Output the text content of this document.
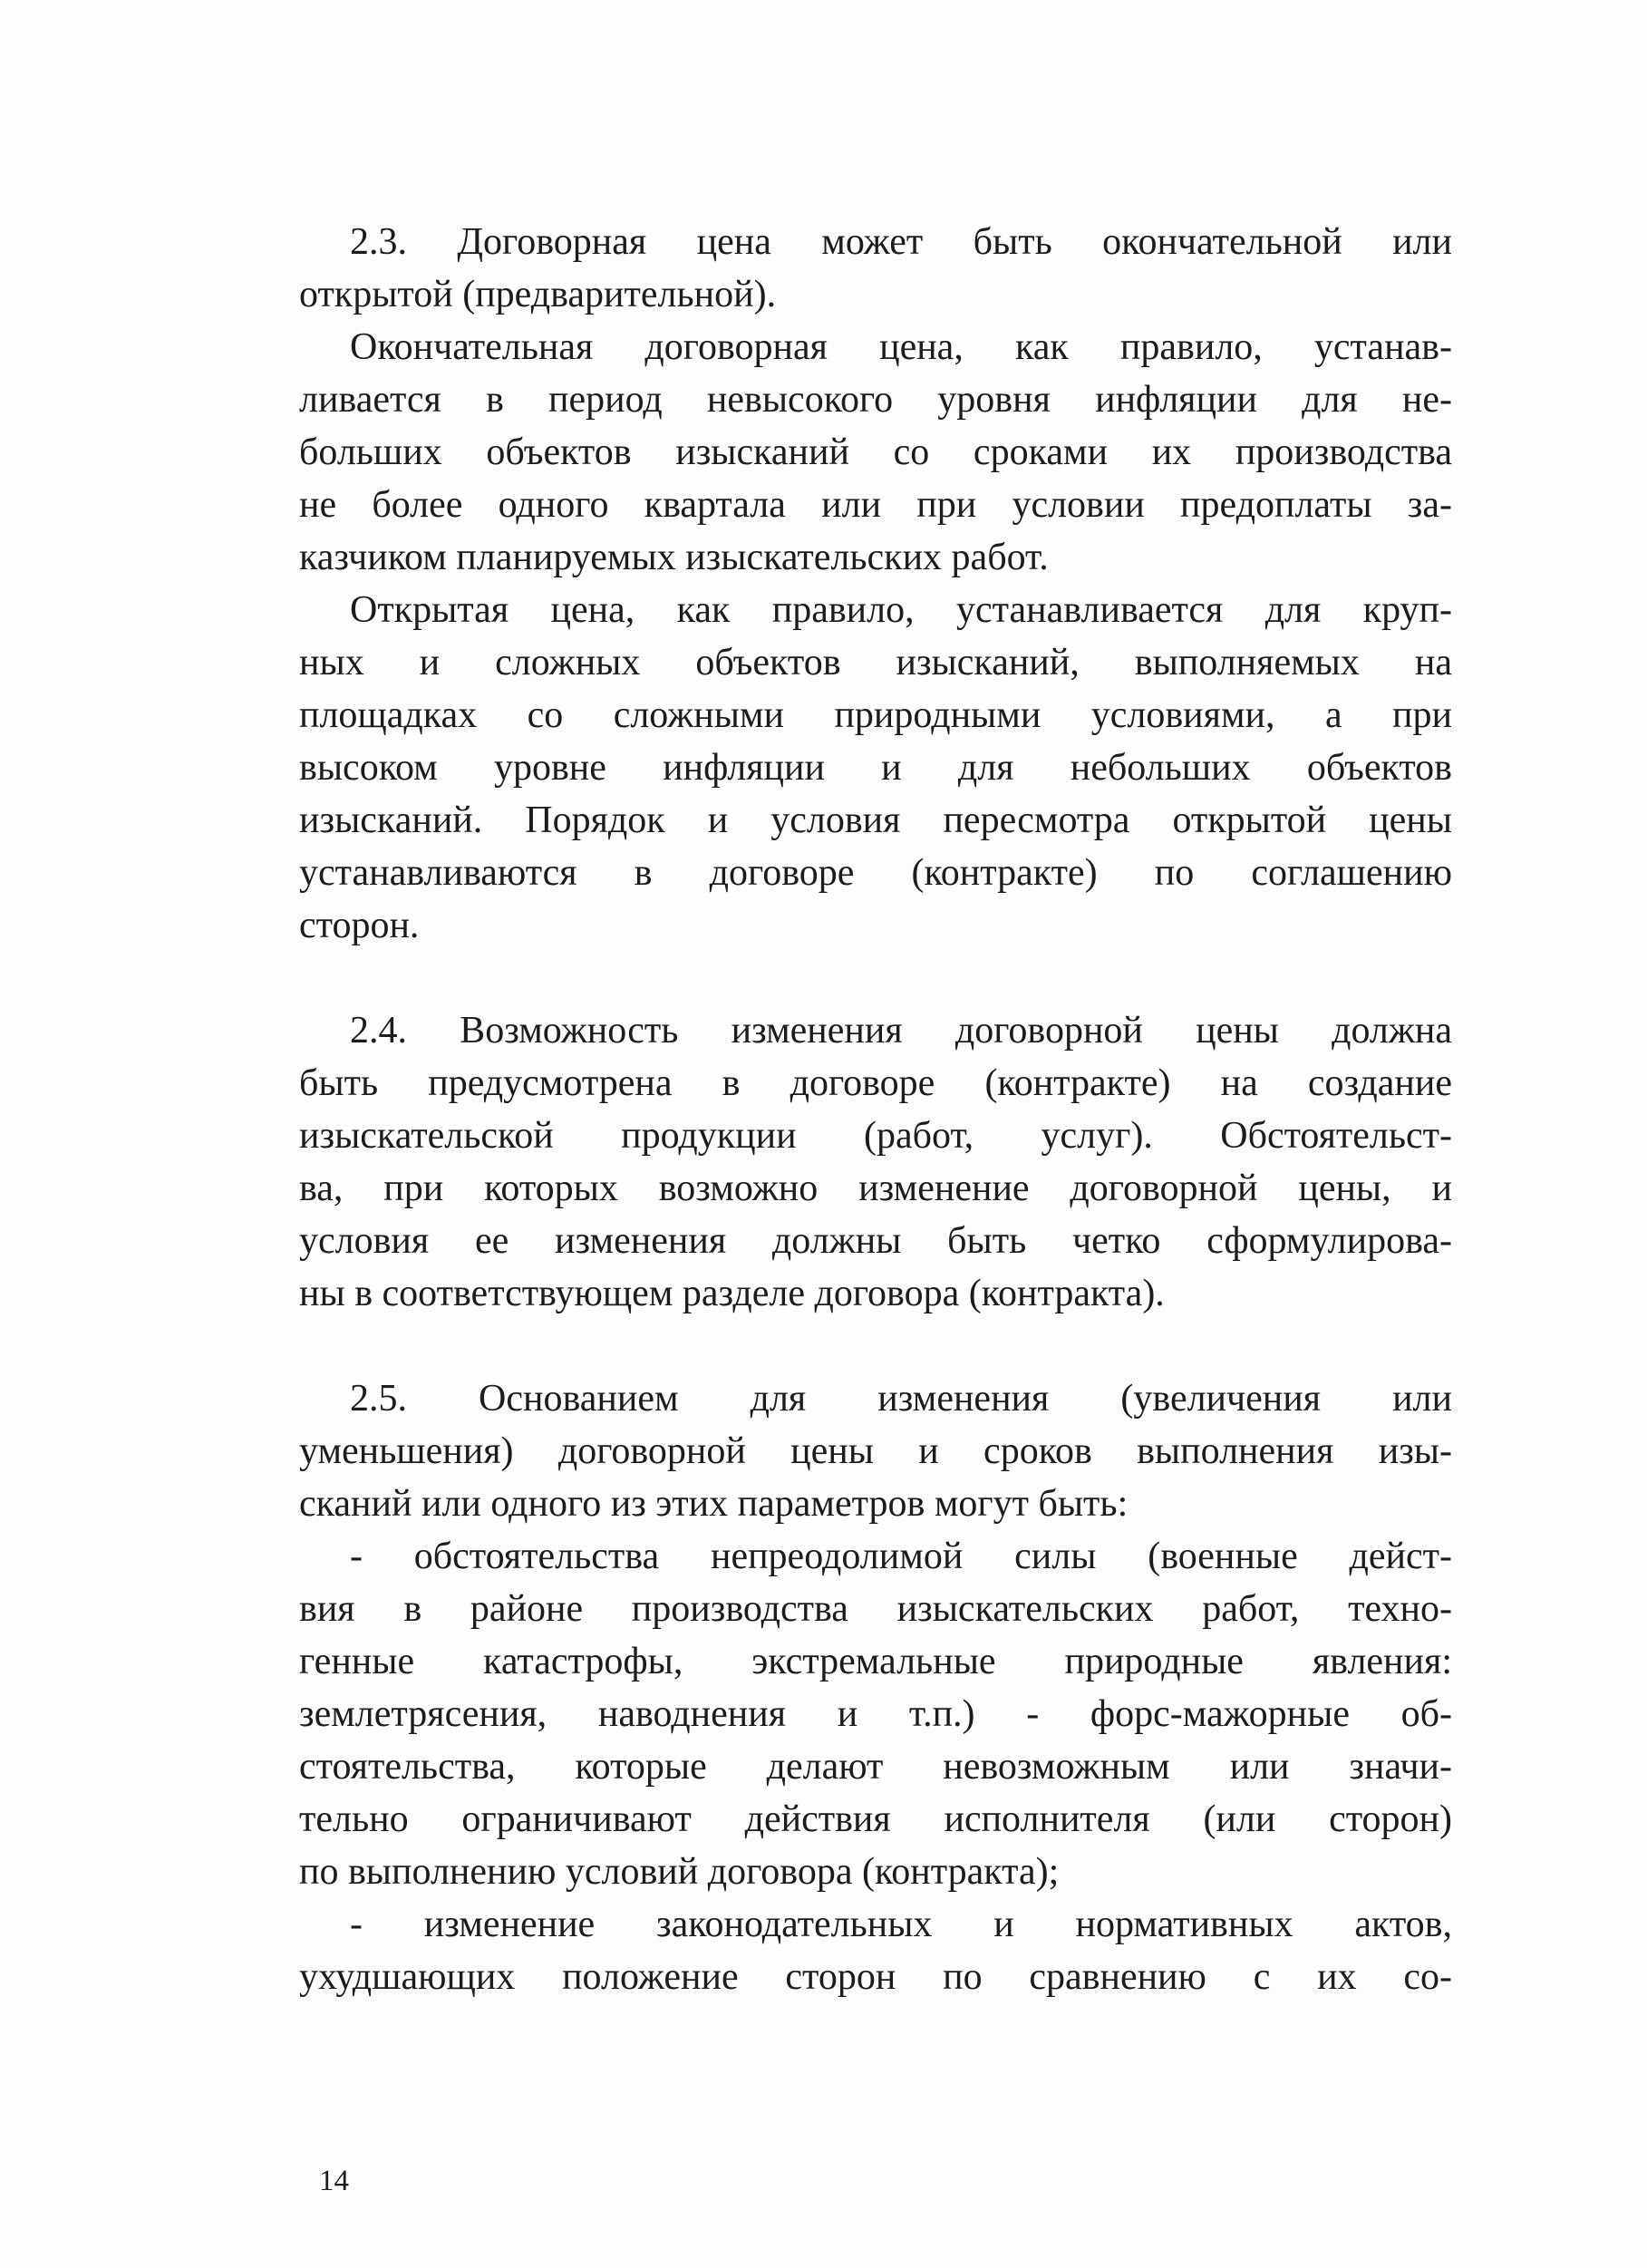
2.3. Договорная цена может быть окончательной или
открытой (предварительной).

Окончательная договорная цена, как правило, устанав-
ливается в период невысокого уровня инфляции для не-
больших объектов изысканий со сроками их производства
не более одного квартала или при условии предоплаты за-
казчиком планируемых изыскательских работ.

Открытая цена, как правило, устанавливается для круп-
ных и сложных объектов изысканий, выполняемых на
площадках со сложными природными условиями, а при
высоком уровне инфляции и для небольших объектов
изысканий. Порядок и условия пересмотра открытой цены
устанавливаются в договоре (контракте) по соглашению
сторон.

2.4. Возможность изменения договорной цены должна
быть предусмотрена в договоре (контракте) на создание
изыскательской продукции (работ, услуг). Обстоятельст-
ва, при которых возможно изменение договорной цены, и
условия ее изменения должны быть четко сформулирова-
ны в соответствующем разделе договора (контракта).

2.5. Основанием для изменения (увеличения или
уменьшения) договорной цены и сроков выполнения изы-
сканий или одного из этих параметров могут быть:

- обстоятельства непреодолимой силы (военные дейст-
вия в районе производства изыскательских работ, техно-
генные катастрофы, экстремальные природные явления:
землетрясения, наводнения и т.п.) - форс-мажорные об-
стоятельства, которые делают невозможным или значи-
тельно ограничивают действия исполнителя (или сторон)
по выполнению условий договора (контракта);

- изменение законодательных и нормативных актов,
ухудшающих положение сторон по сравнению с их со-

14
